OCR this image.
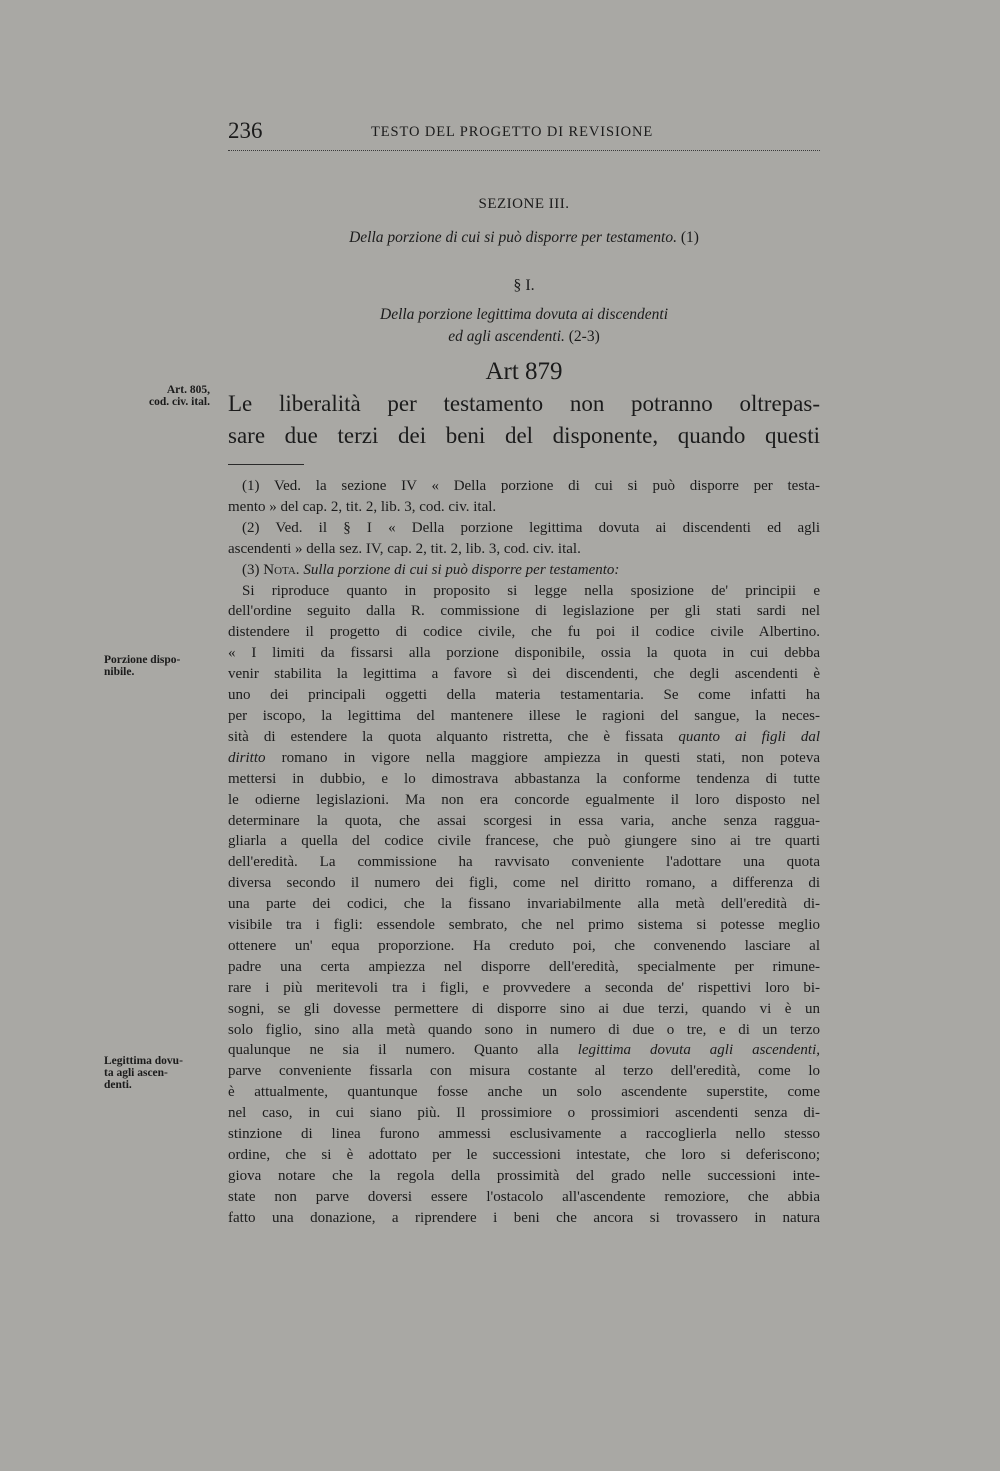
236	TESTO DEL PROGETTO DI REVISIONE
SEZIONE III.
Della porzione di cui si può disporre per testamento. (1)
§ I.
Della porzione legittima dovuta ai discendenti
ed agli ascendenti. (2-3)
Art 879
Le liberalità per testamento non potranno oltrepas-
sare due terzi dei beni del disponente, quando questi
Art. 805,
cod. civ. ital.
Porzione dispo-
nibile.
Legittima dovu-
ta agli ascen-
denti.
(1) Ved. la sezione IV « Della porzione di cui si può disporre per testa-
mento » del cap. 2, tit. 2, lib. 3, cod. civ. ital.
(2) Ved. il § I « Della porzione legittima dovuta ai discendenti ed agli
ascendenti » della sez. IV, cap. 2, tit. 2, lib. 3, cod. civ. ital.
(3) Nota. Sulla porzione di cui si può disporre per testamento:
Si riproduce quanto in proposito si legge nella sposizione de' principii e
dell'ordine seguito dalla R. commissione di legislazione per gli stati sardi nel
distendere il progetto di codice civile, che fu poi il codice civile Albertino.
« I limiti da fissarsi alla porzione disponibile, ossia la quota in cui debba
venir stabilita la legittima a favore sì dei discendenti, che degli ascendenti è
uno dei principali oggetti della materia testamentaria. Se come infatti ha
per iscopo, la legittima del mantenere illese le ragioni del sangue, la neces-
sità di estendere la quota alquanto ristretta, che è fissata quanto ai figli dal
diritto romano in vigore nella maggiore ampiezza in questi stati, non poteva
mettersi in dubbio, e lo dimostrava abbastanza la conforme tendenza di tutte
le odierne legislazioni. Ma non era concorde egualmente il loro disposto nel
determinare la quota, che assai scorgesi in essa varia, anche senza ragguа-
gliarla a quella del codice civile francese, che può giungere sino ai tre quarti
dell'eredità. La commissione ha ravvisato conveniente l'adottare una quota
diversa secondo il numero dei figli, come nel diritto romano, a differenza di
una parte dei codici, che la fissano invariabilmente alla metà dell'eredità di-
visibile tra i figli: essendole sembrato, che nel primo sistema si potesse meglio
ottenere un' equa proporzione. Ha creduto poi, che convenendo lasciare al
padre una certa ampiezza nel disporre dell'eredità, specialmente per rimune-
rare i più meritevoli tra i figli, e provvedere a seconda de' rispettivi loro bi-
sogni, se gli dovesse permettere di disporre sino ai due terzi, quando vi è un
solo figlio, sino alla metà quando sono in numero di due o tre, e di un terzo
qualunque ne sia il numero. Quanto alla legittima dovuta agli ascendenti,
parve conveniente fissarla con misura costante al terzo dell'eredità, come lo
è attualmente, quantunque fosse anche un solo ascendente superstite, come
nel caso, in cui siano più. Il prossimiore o prossimiori ascendenti senza di-
stinzione di linea furono ammessi esclusivamente a raccoglierla nello stesso
ordine, che si è adottato per le successioni intestate, che loro si deferiscono;
giova notare che la regola della prossimità del grado nelle successioni inte-
state non parve doversi essere l'ostacolo all'ascendente remoziore, che abbia
fatto una donazione, a riprendere i beni che ancora si trovassero in natura
